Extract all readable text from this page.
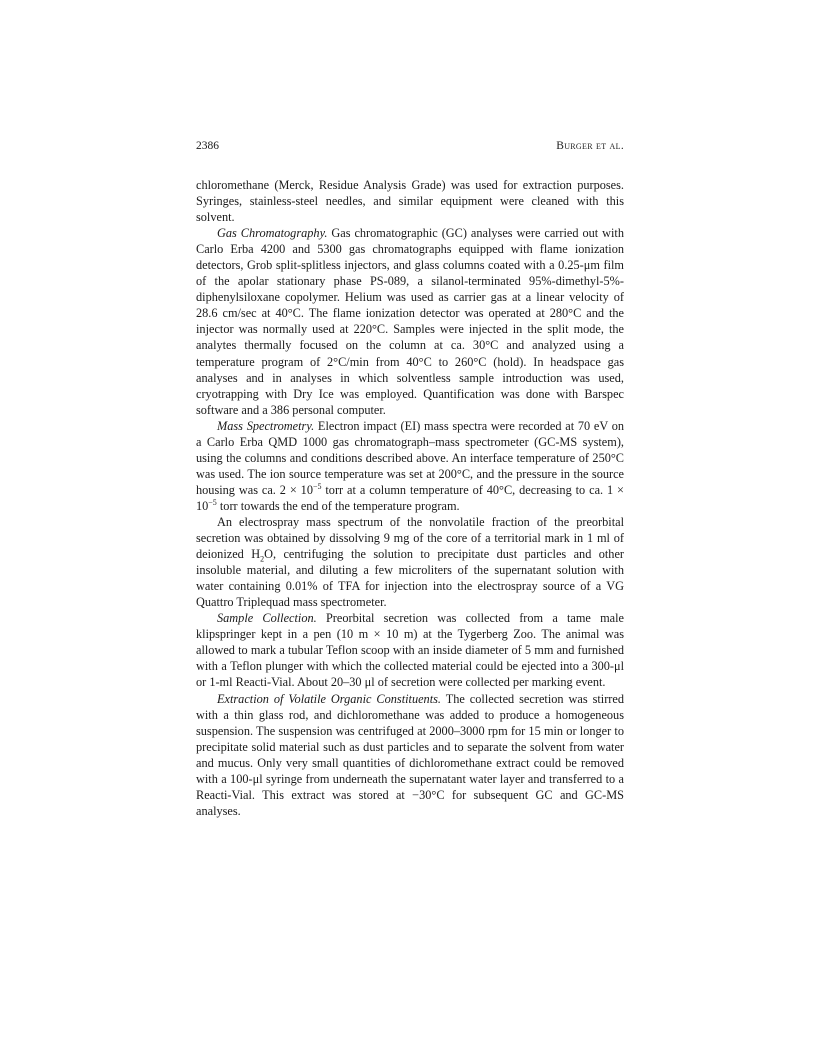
2386	Burger et al.

chloromethane (Merck, Residue Analysis Grade) was used for extraction purposes. Syringes, stainless-steel needles, and similar equipment were cleaned with this solvent.

Gas Chromatography. Gas chromatographic (GC) analyses were carried out with Carlo Erba 4200 and 5300 gas chromatographs equipped with flame ionization detectors, Grob split-splitless injectors, and glass columns coated with a 0.25-μm film of the apolar stationary phase PS-089, a silanol-terminated 95%-dimethyl-5%-diphenylsiloxane copolymer. Helium was used as carrier gas at a linear velocity of 28.6 cm/sec at 40°C. The flame ionization detector was operated at 280°C and the injector was normally used at 220°C. Samples were injected in the split mode, the analytes thermally focused on the column at ca. 30°C and analyzed using a temperature program of 2°C/min from 40°C to 260°C (hold). In headspace gas analyses and in analyses in which solventless sample introduction was used, cryotrapping with Dry Ice was employed. Quantification was done with Barspec software and a 386 personal computer.

Mass Spectrometry. Electron impact (EI) mass spectra were recorded at 70 eV on a Carlo Erba QMD 1000 gas chromatograph–mass spectrometer (GC-MS system), using the columns and conditions described above. An interface temperature of 250°C was used. The ion source temperature was set at 200°C, and the pressure in the source housing was ca. $2 \times 10^{-5}$ torr at a column temperature of 40°C, decreasing to ca. $1 \times 10^{-5}$ torr towards the end of the temperature program.

An electrospray mass spectrum of the nonvolatile fraction of the preorbital secretion was obtained by dissolving 9 mg of the core of a territorial mark in 1 ml of deionized $H_2O$, centrifuging the solution to precipitate dust particles and other insoluble material, and diluting a few microliters of the supernatant solution with water containing 0.01% of TFA for injection into the electrospray source of a VG Quattro Triplequad mass spectrometer.

Sample Collection. Preorbital secretion was collected from a tame male klipspringer kept in a pen (10 m × 10 m) at the Tygerberg Zoo. The animal was allowed to mark a tubular Teflon scoop with an inside diameter of 5 mm and furnished with a Teflon plunger with which the collected material could be ejected into a 300-μl or 1-ml Reacti-Vial. About 20–30 μl of secretion were collected per marking event.

Extraction of Volatile Organic Constituents. The collected secretion was stirred with a thin glass rod, and dichloromethane was added to produce a homogeneous suspension. The suspension was centrifuged at 2000–3000 rpm for 15 min or longer to precipitate solid material such as dust particles and to separate the solvent from water and mucus. Only very small quantities of dichloromethane extract could be removed with a 100-μl syringe from underneath the supernatant water layer and transferred to a Reacti-Vial. This extract was stored at −30°C for subsequent GC and GC-MS analyses.
